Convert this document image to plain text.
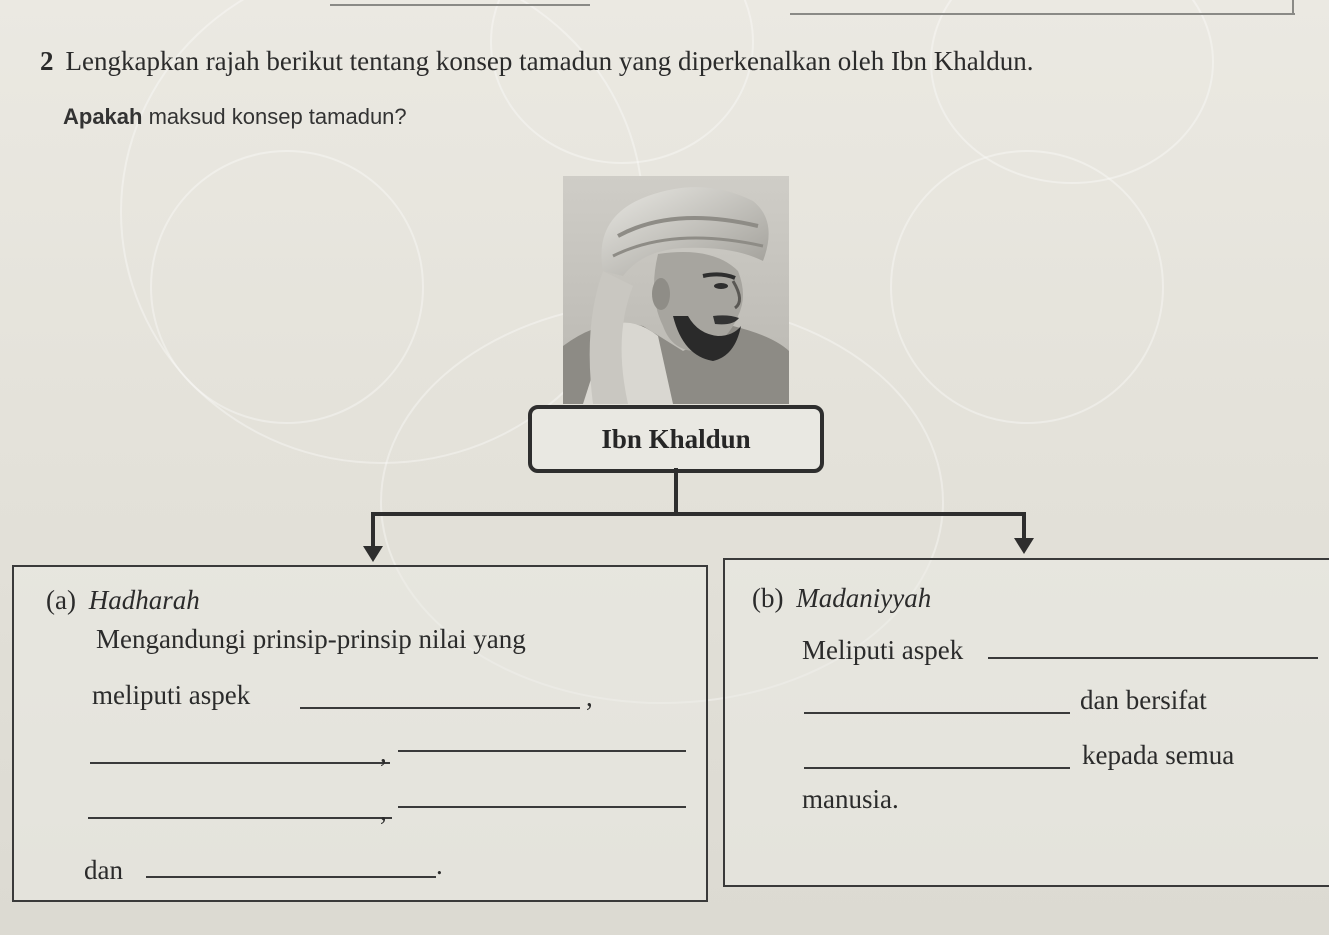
2 Lengkapkan rajah berikut tentang konsep tamadun yang diperkenalkan oleh Ibn Khaldun.
Apakah maksud konsep tamadun?
Ibn Khaldun
(a) Hadharah
Mengandungi prinsip-prinsip nilai yang
meliputi aspek	,
,
,
dan	.
(b) Madaniyyah
Meliputi aspek
dan bersifat
kepada semua
manusia.
